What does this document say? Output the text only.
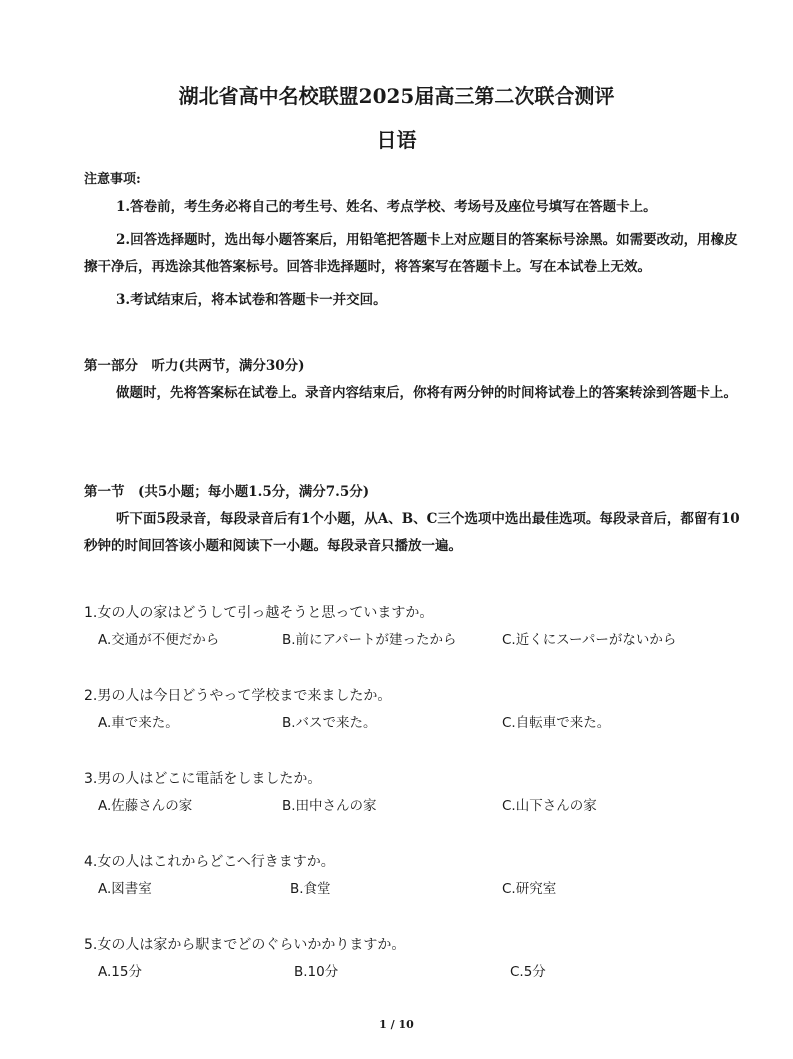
湖北省高中名校联盟2025届高三第二次联合测评
日语
注意事项:
1.答卷前，考生务必将自己的考生号、姓名、考点学校、考场号及座位号填写在答题卡上。
2.回答选择题时，选出每小题答案后，用铅笔把答题卡上对应题目的答案标号涂黑。如需要改动，用橡皮擦干净后，再选涂其他答案标号。回答非选择题时，将答案写在答题卡上。写在本试卷上无效。
3.考试结束后，将本试卷和答题卡一并交回。
第一部分　听力(共两节，满分30分)
做题时，先将答案标在试卷上。录音内容结束后，你将有两分钟的时间将试卷上的答案转涂到答题卡上。
第一节　(共5小题；每小题1.5分，满分7.5分)
听下面5段录音，每段录音后有1个小题，从A、B、C三个选项中选出最佳选项。每段录音后，都留有10秒钟的时间回答该小题和阅读下一小题。每段录音只播放一遍。
1.女の人の家はどうして引っ越そうと思っていますか。
A.交通が不便だから	B.前にアパートが建ったから	C.近くにスーパーがないから
2.男の人は今日どうやって学校まで来ましたか。
A.車で来た。	B.バスで来た。	C.自転車で来た。
3.男の人はどこに電話をしましたか。
A.佐藤さんの家	B.田中さんの家	C.山下さんの家
4.女の人はこれからどこへ行きますか。
A.図書室	B.食堂	C.研究室
5.女の人は家から駅までどのぐらいかかりますか。
A.15分	B.10分	C.5分
1 / 10
